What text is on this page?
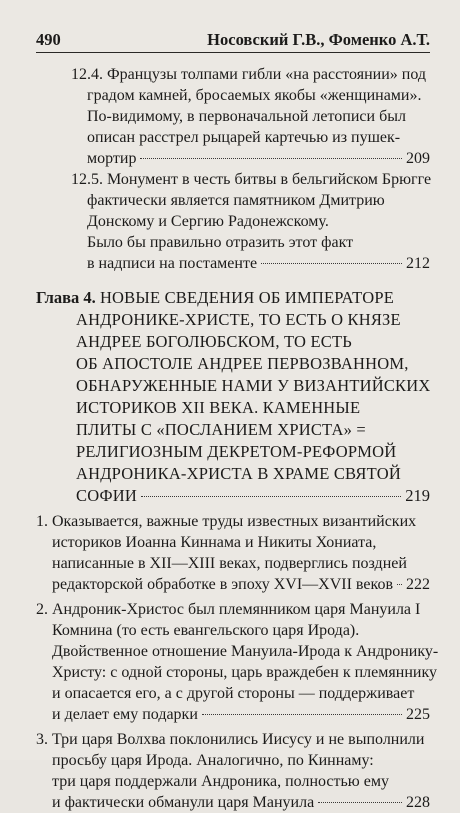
490	Носовский Г.В., Фоменко А.Т.
12.4. Французы толпами гибли «на расстоянии» под
градом камней, бросаемых якобы «женщинами».
По-видимому, в первоначальной летописи был
описан расстрел рыцарей картечью из пушек-
мортир	209
12.5. Монумент в честь битвы в бельгийском Брюгге
фактически является памятником Дмитрию
Донскому и Сергию Радонежскому.
Было бы правильно отразить этот факт
в надписи на постаменте	212
Глава 4. НОВЫЕ СВЕДЕНИЯ ОБ ИМПЕРАТОРЕ
АНДРОНИКЕ-ХРИСТЕ, ТО ЕСТЬ О КНЯЗЕ
АНДРЕЕ БОГОЛЮБСКОМ, ТО ЕСТЬ
ОБ АПОСТОЛЕ АНДРЕЕ ПЕРВОЗВАННОМ,
ОБНАРУЖЕННЫЕ НАМИ У ВИЗАНТИЙСКИХ
ИСТОРИКОВ XII ВЕКА. КАМЕННЫЕ
ПЛИТЫ С «ПОСЛАНИЕМ ХРИСТА» =
РЕЛИГИОЗНЫМ ДЕКРЕТОМ-РЕФОРМОЙ
АНДРОНИКА-ХРИСТА В ХРАМЕ СВЯТОЙ
СОФИИ	219
1. Оказывается, важные труды известных византийских
историков Иоанна Киннама и Никиты Хониата,
написанные в XII—XIII веках, подверглись поздней
редакторской обработке в эпоху XVI—XVII веков 222
2. Андроник-Христос был племянником царя Мануила I
Комнина (то есть евангельского царя Ирода).
Двойственное отношение Мануила-Ирода к Андронику-
Христу: с одной стороны, царь враждебен к племяннику
и опасается его, а с другой стороны — поддерживает
и делает ему подарки	225
3. Три царя Волхва поклонились Иисусу и не выполнили
просьбу царя Ирода. Аналогично, по Киннаму:
три царя поддержали Андроника, полностью ему
и фактически обманули царя Мануила	228
